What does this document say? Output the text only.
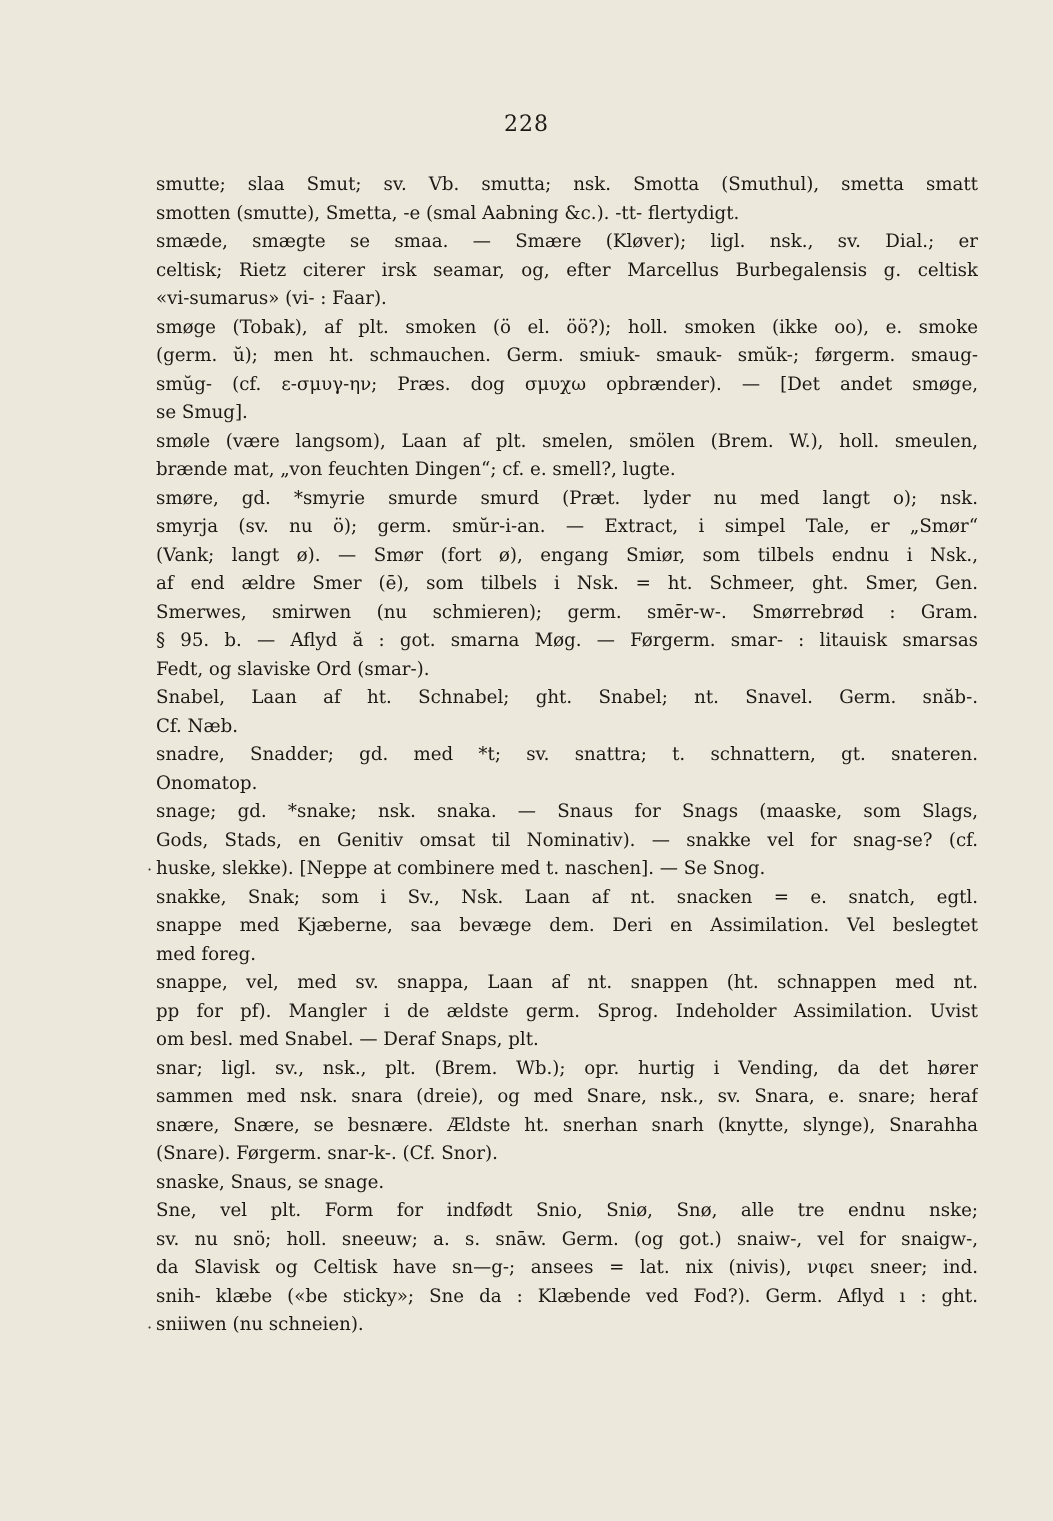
228
·
·
smutte; slaa Smut; sv. Vb. smutta; nsk. Smotta (Smuthul), smetta smatt
smotten (smutte), Smetta, -e (smal Aabning &c.). -tt- flertydigt.
smæde, smægte se smaa. — Smære (Kløver); ligl. nsk., sv. Dial.; er
celtisk; Rietz citerer irsk seamar, og, efter Marcellus Burbegalensis g. celtisk
«vi-sumarus» (vi- : Faar).
smøge (Tobak), af plt. smoken (ö el. öö?); holl. smoken (ikke oo), e. smoke
(germ. ŭ); men ht. schmauchen. Germ. smiuk- smauk- smŭk-; førgerm. smaug-
smŭg- (cf. ε-σμυγ-ην; Præs. dog σμυχω opbrænder). — [Det andet smøge,
se Smug].
smøle (være langsom), Laan af plt. smelen, smölen (Brem. W.), holl. smeulen,
brænde mat, „von feuchten Dingen“; cf. e. smell?, lugte.
smøre, gd. *smyrie smurde smurd (Præt. lyder nu med langt o); nsk.
smyrja (sv. nu ö); germ. smŭr-i-an. — Extract, i simpel Tale, er „Smør“
(Vank; langt ø). — Smør (fort ø), engang Smiør, som tilbels endnu i Nsk.,
af end ældre Smer (ē), som tilbels i Nsk. = ht. Schmeer, ght. Smer, Gen.
Smerwes, smirwen (nu schmieren); germ. smēr-w-. Smørrebrød : Gram.
§ 95. b. — Aflyd ă : got. smarna Møg. — Førgerm. smar- : litauisk smarsas
Fedt, og slaviske Ord (smar-).
Snabel, Laan af ht. Schnabel; ght. Snabel; nt. Snavel. Germ. snăb-.
Cf. Næb.
snadre, Snadder; gd. med *t; sv. snattra; t. schnattern, gt. snateren.
Onomatop.
snage; gd. *snake; nsk. snaka. — Snaus for Snags (maaske, som Slags,
Gods, Stads, en Genitiv omsat til Nominativ). — snakke vel for snag-se? (cf.
huske, slekke). [Neppe at combinere med t. naschen]. — Se Snog.
snakke, Snak; som i Sv., Nsk. Laan af nt. snacken = e. snatch, egtl.
snappe med Kjæberne, saa bevæge dem. Deri en Assimilation. Vel beslegtet
med foreg.
snappe, vel, med sv. snappa, Laan af nt. snappen (ht. schnappen med nt.
pp for pf). Mangler i de ældste germ. Sprog. Indeholder Assimilation. Uvist
om besl. med Snabel. — Deraf Snaps, plt.
snar; ligl. sv., nsk., plt. (Brem. Wb.); opr. hurtig i Vending, da det hører
sammen med nsk. snara (dreie), og med Snare, nsk., sv. Snara, e. snare; heraf
snære, Snære, se besnære. Ældste ht. snerhan snarh (knytte, slynge), Snarahha
(Snare). Førgerm. snar-k-. (Cf. Snor).
snaske, Snaus, se snage.
Sne, vel plt. Form for indfødt Snio, Sniø, Snø, alle tre endnu nske;
sv. nu snö; holl. sneeuw; a. s. snāw. Germ. (og got.) snaiw-, vel for snaigw-,
da Slavisk og Celtisk have sn—g-; ansees = lat. nix (nivis), νιφει sneer; ind.
snih- klæbe («be sticky»; Sne da : Klæbende ved Fod?). Germ. Aflyd ı : ght.
sniiwen (nu schneien).
